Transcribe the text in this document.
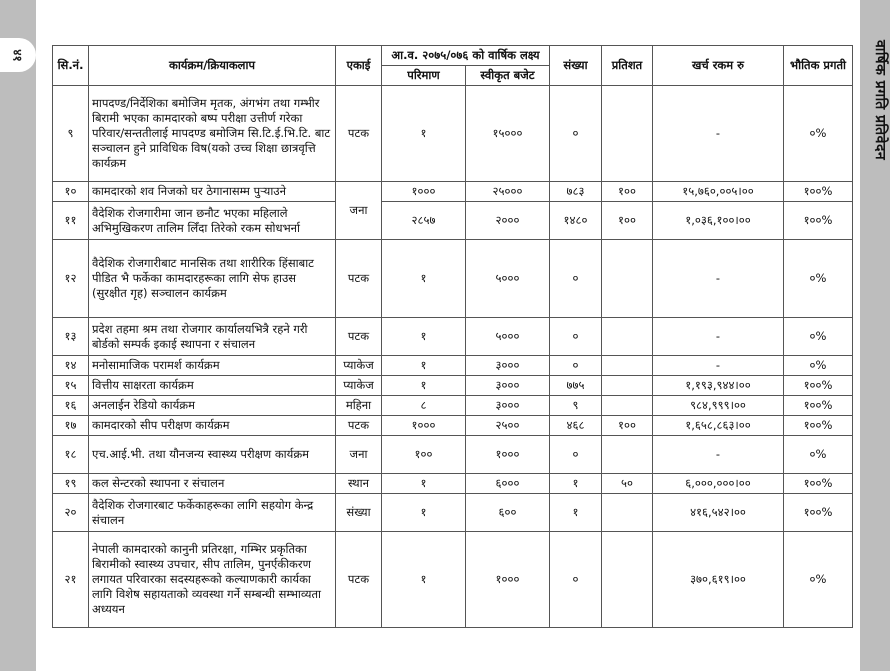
४१	वार्षिक प्रगति प्रतिवेदन
सि.नं.	कार्यक्रम/क्रियाकलाप	एकाई	आ.व. २०७५/०७६ को वार्षिक लक्ष्य		संख्या	प्रतिशत	खर्च रकम रु	भौतिक प्रगती
			परिमाण	स्वीकृत बजेट				
९	मापदण्ड/निर्देशिका बमोजिम मृतक, अंगभंग तथा गम्भीर बिरामी भएका कामदारको बष्प परीक्षा उत्तीर्ण गरेका परिवार/सन्ततीलाई मापदण्ड बमोजिम सि.टि.ई.भि.टि. बाट सञ्चालन हुने प्राविधिक विष(यको उच्च शिक्षा छात्रवृत्ति कार्यक्रम	पटक	१	१५०००	०		-	०%
१०	कामदारको शव निजको घर ठेगानासम्म पुर्‍याउने	जना	१०००	२५०००	७८३	१००	१५,७६०,००५।००	१००%
११	वैदेशिक रोजगारीमा जान छनौट भएका महिलाले अभिमुखिकरण तालिम लिँदा तिरेको रकम सोधभर्ना		२८५७	२०००	१४८०	१००	१,०३६,१००।००	१००%
१२	वैदेशिक रोजगारीबाट मानसिक तथा शारीरिक हिंसाबाट पीडित भै फर्केका कामदारहरूका लागि सेफ हाउस (सुरक्षीत गृह) सञ्चालन कार्यक्रम	पटक	१	५०००	०		-	०%
१३	प्रदेश तहमा श्रम तथा रोजगार कार्यालयभित्रै रहने गरी बोर्डको सम्पर्क इकाई स्थापना र संचालन	पटक	१	५०००	०		-	०%
१४	मनोसामाजिक परामर्श कार्यक्रम	प्याकेज	१	३०००	०		-	०%
१५	वित्तीय साक्षरता कार्यक्रम	प्याकेज	१	३०००	७७५		१,१९३,९४४।००	१००%
१६	अनलाईन रेडियो कार्यक्रम	महिना	८	३०००	९		९८४,९९९।००	१००%
१७	कामदारको सीप परीक्षण कार्यक्रम	पटक	१०००	२५००	४६८	१००	१,६५८,८६३।००	१००%
१८	एच.आई.भी. तथा यौनजन्य स्वास्थ्य परीक्षण कार्यक्रम	जना	१००	१०००	०		-	०%
१९	कल सेन्टरको स्थापना र संचालन	स्थान	१	६०००	१	५०	६,०००,०००।००	१००%
२०	वैदेशिक रोजगारबाट फर्केकाहरूका लागि सहयोग केन्द्र संचालन	संख्या	१	६००	१		४१६,५४२।००	१००%
२१	नेपाली कामदारको कानुनी प्रतिरक्षा, गम्भिर प्रकृतिका बिरामीको स्वास्थ्य उपचार, सीप तालिम, पुनर्एकीकरण लगायत परिवारका सदस्यहरूको कल्याणकारी कार्यका लागि विशेष सहायताको व्यवस्था गर्ने सम्बन्धी सम्भाव्यता अध्ययन	पटक	१	१०००	०		३७०,६१९।००	०%
